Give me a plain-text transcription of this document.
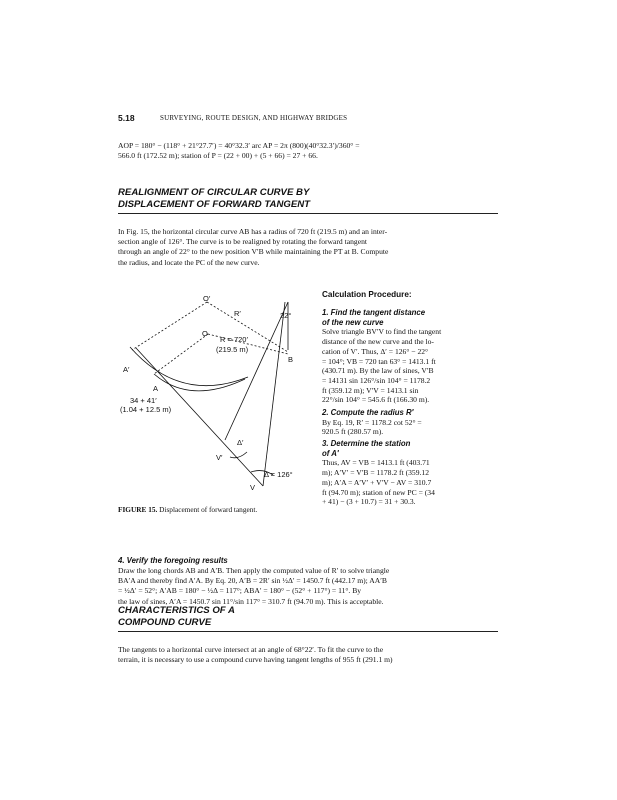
5.18	SURVEYING, ROUTE DESIGN, AND HIGHWAY BRIDGES

AOP = 180° − (118° + 21°27.7′) = 40°32.3′ arc AP = 2π (800)(40°32.3′)/360° =
566.0 ft (172.52 m); station of P = (22 + 00) + (5 + 66) = 27 + 66.

REALIGNMENT OF CIRCULAR CURVE BY
DISPLACEMENT OF FORWARD TANGENT

In Fig. 15, the horizontal circular curve AB has a radius of 720 ft (219.5 m) and an inter-
section angle of 126°. The curve is to be realigned by rotating the forward tangent
through an angle of 22° to the new position V′B while maintaining the PT at B. Compute
the radius, and locate the PC of the new curve.

O′
R′	22°
O
R = 720′
(219.5 m)
B
A′
A
34 + 41′
(1.04 + 12.5 m)
Δ′
V′
Δ = 126°
V
FIGURE 15. Displacement of forward tangent.
Calculation Procedure:

1. Find the tangent distance
of the new curve
Solve triangle BV′V to find the tangent
distance of the new curve and the lo-
cation of V′. Thus, Δ′ = 126° − 22°
= 104°; VB = 720 tan 63° = 1413.1 ft
(430.71 m). By the law of sines, V′B
= 14131 sin 126°/sin 104° = 1178.2
ft (359.12 m); V′V = 1413.1 sin
22°/sin 104° = 545.6 ft (166.30 m).

2. Compute the radius R′
By Eq. 19, R′ = 1178.2 cot 52° =
920.5 ft (280.57 m).

3. Determine the station
of A′
Thus, AV = VB = 1413.1 ft (403.71
m); A′V′ = V′B = 1178.2 ft (359.12
m); A′A = A′V′ + V′V − AV = 310.7
ft (94.70 m); station of new PC = (34
+ 41) − (3 + 10.7) = 31 + 30.3.

4. Verify the foregoing results

Draw the long chords AB and A′B. Then apply the computed value of R′ to solve triangle
BA′A and thereby find A′A. By Eq. 20, A′B = 2R′ sin ½Δ′ = 1450.7 ft (442.17 m); AA′B
= ½Δ′ = 52°; A′AB = 180° − ½Δ = 117°; ABA′ = 180° − (52° + 117°) = 11°. By
the law of sines, A′A = 1450.7 sin 11°/sin 117° = 310.7 ft (94.70 m). This is acceptable.

CHARACTERISTICS OF A
COMPOUND CURVE

The tangents to a horizontal curve intersect at an angle of 68°22′. To fit the curve to the
terrain, it is necessary to use a compound curve having tangent lengths of 955 ft (291.1 m)
